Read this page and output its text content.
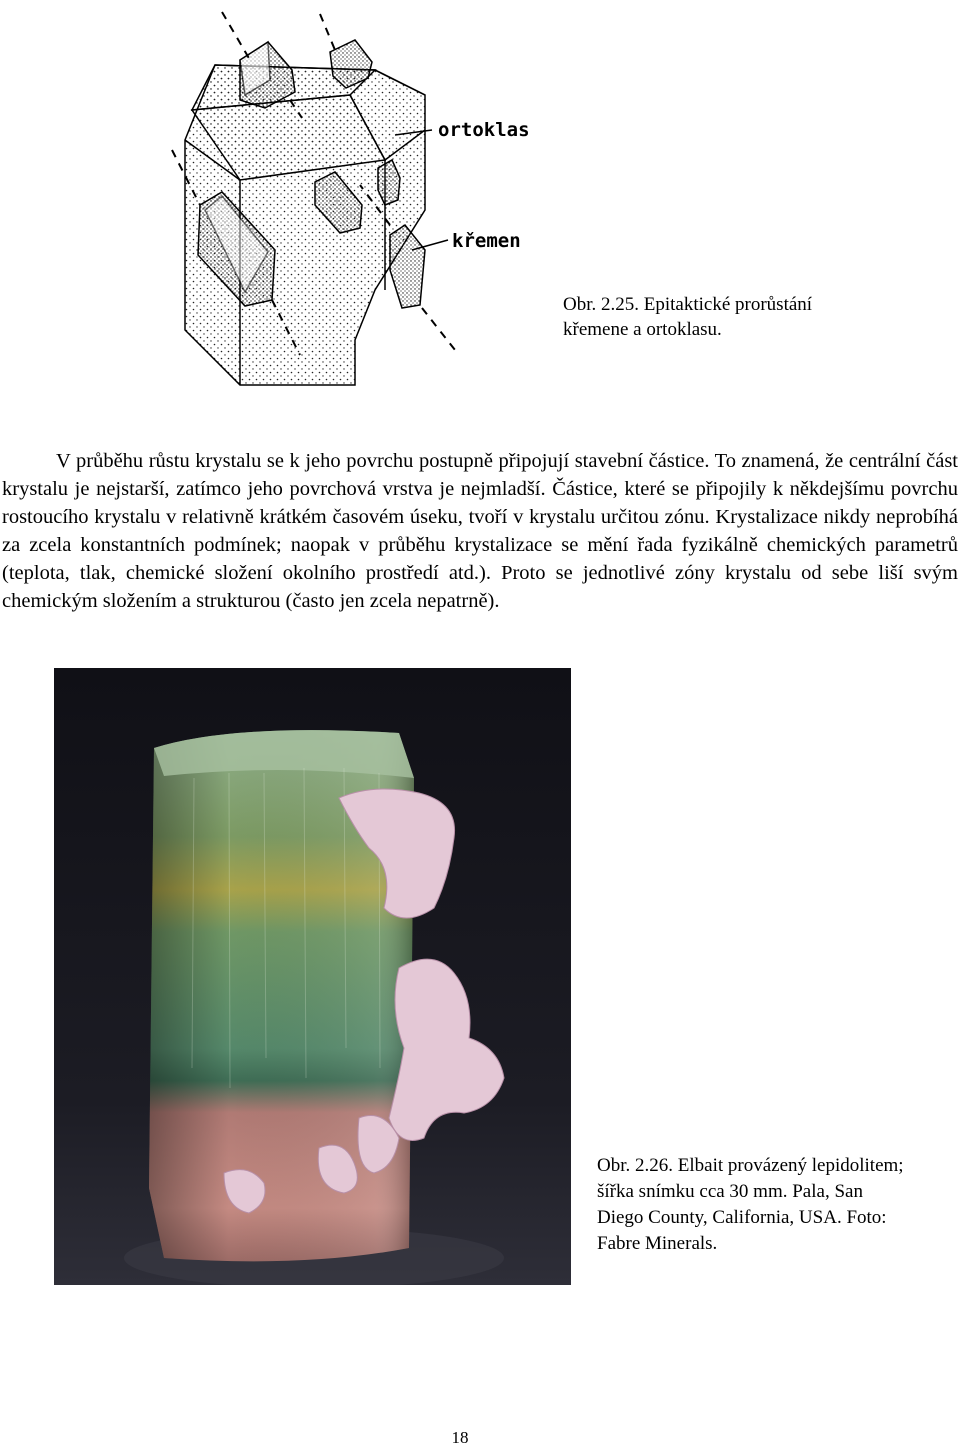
ortoklas
křemen
Obr. 2.25. Epitaktické prorůstání
křemene a ortoklasu.

V průběhu růstu krystalu se k jeho povrchu postupně připojují stavební částice. To znamená, že centrální část krystalu je nejstarší, zatímco jeho povrchová vrstva je nejmladší. Částice, které se připojily k někdejšímu povrchu rostoucího krystalu v relativně krátkém časovém úseku, tvoří v krystalu určitou zónu. Krystalizace nikdy neprobíhá za zcela konstantních podmínek; naopak v průběhu krystalizace se mění řada fyzikálně chemických parametrů (teplota, tlak, chemické složení okolního prostředí atd.). Proto se jednotlivé zóny krystalu od sebe liší svým chemickým složením a strukturou (často jen zcela nepatrně).

Obr. 2.26. Elbait provázený lepidolitem;
šířka snímku cca 30 mm. Pala, San
Diego County, California, USA. Foto:
Fabre Minerals.
18
